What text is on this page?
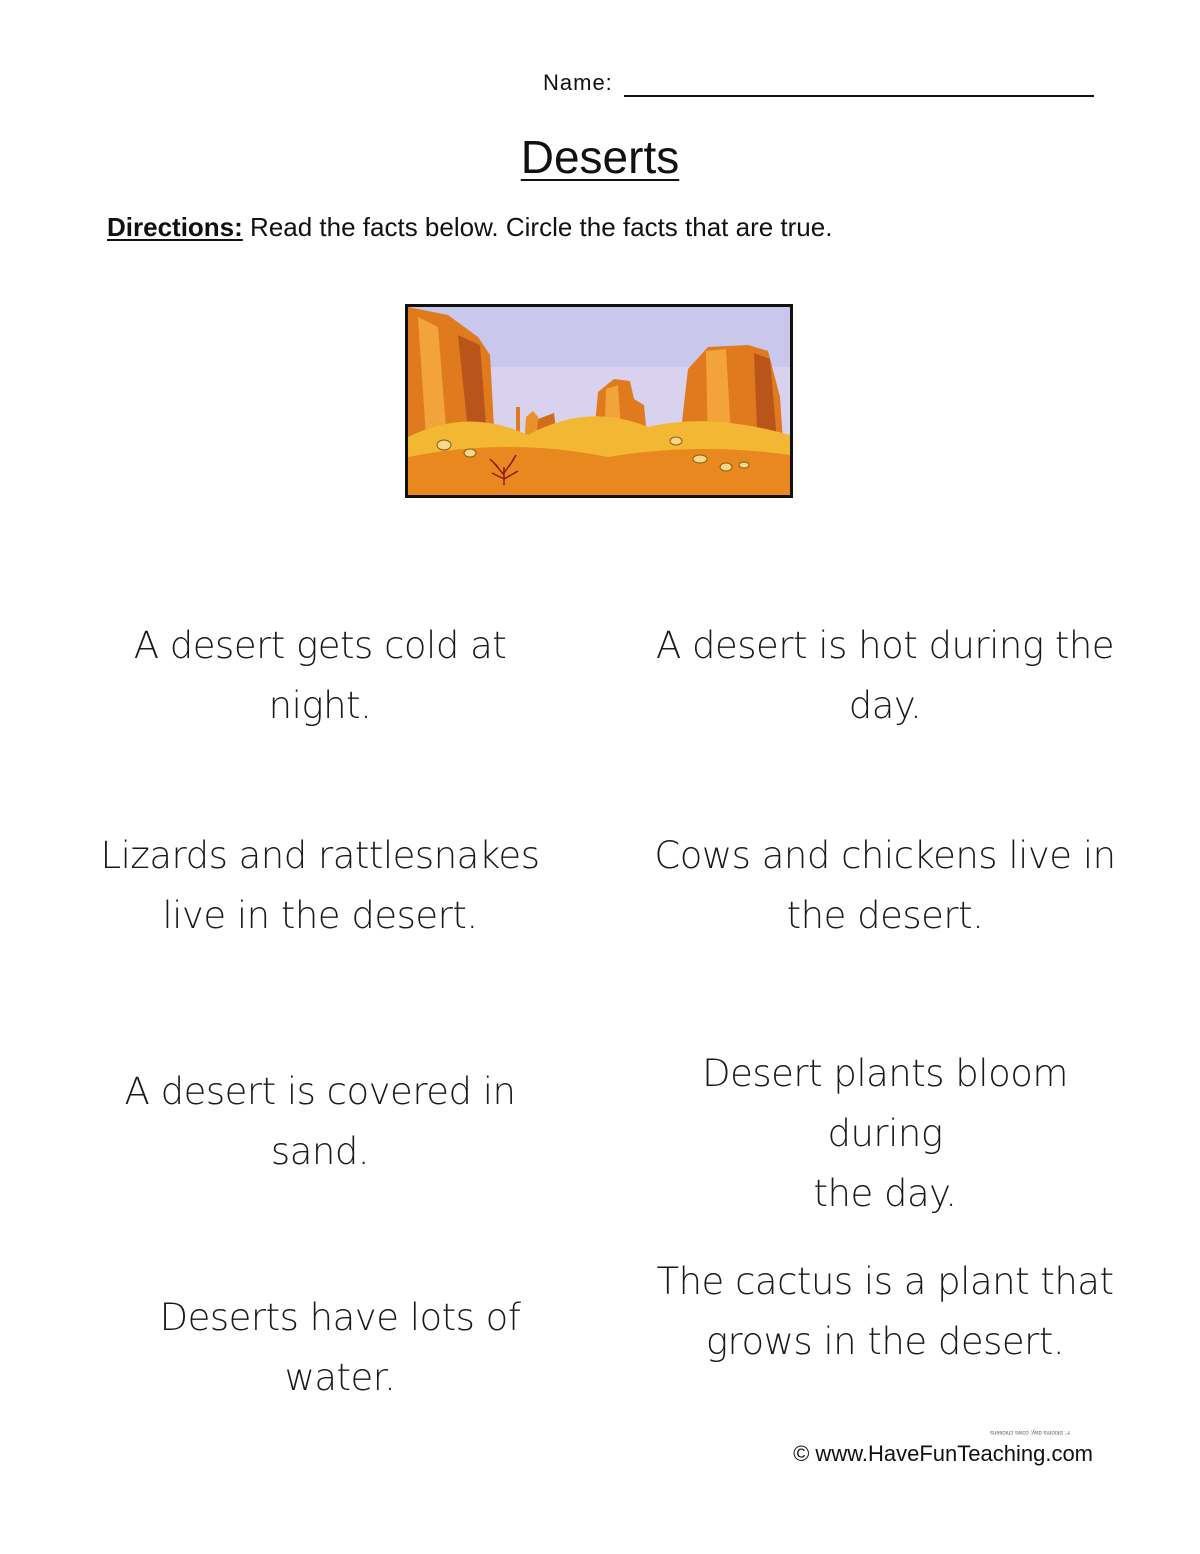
Name:
Deserts
Directions: Read the facts below. Circle the facts that are true.
A desert gets cold at night.
A desert is hot during the
day.
Lizards and rattlesnakes
live in the desert.
Cows and chickens live in
the desert.
A desert is covered in sand.
Desert plants bloom during
the day.
Deserts have lots of water.
The cactus is a plant that
grows in the desert.
F: blooms day; cows chickens
© www.HaveFunTeaching.com
